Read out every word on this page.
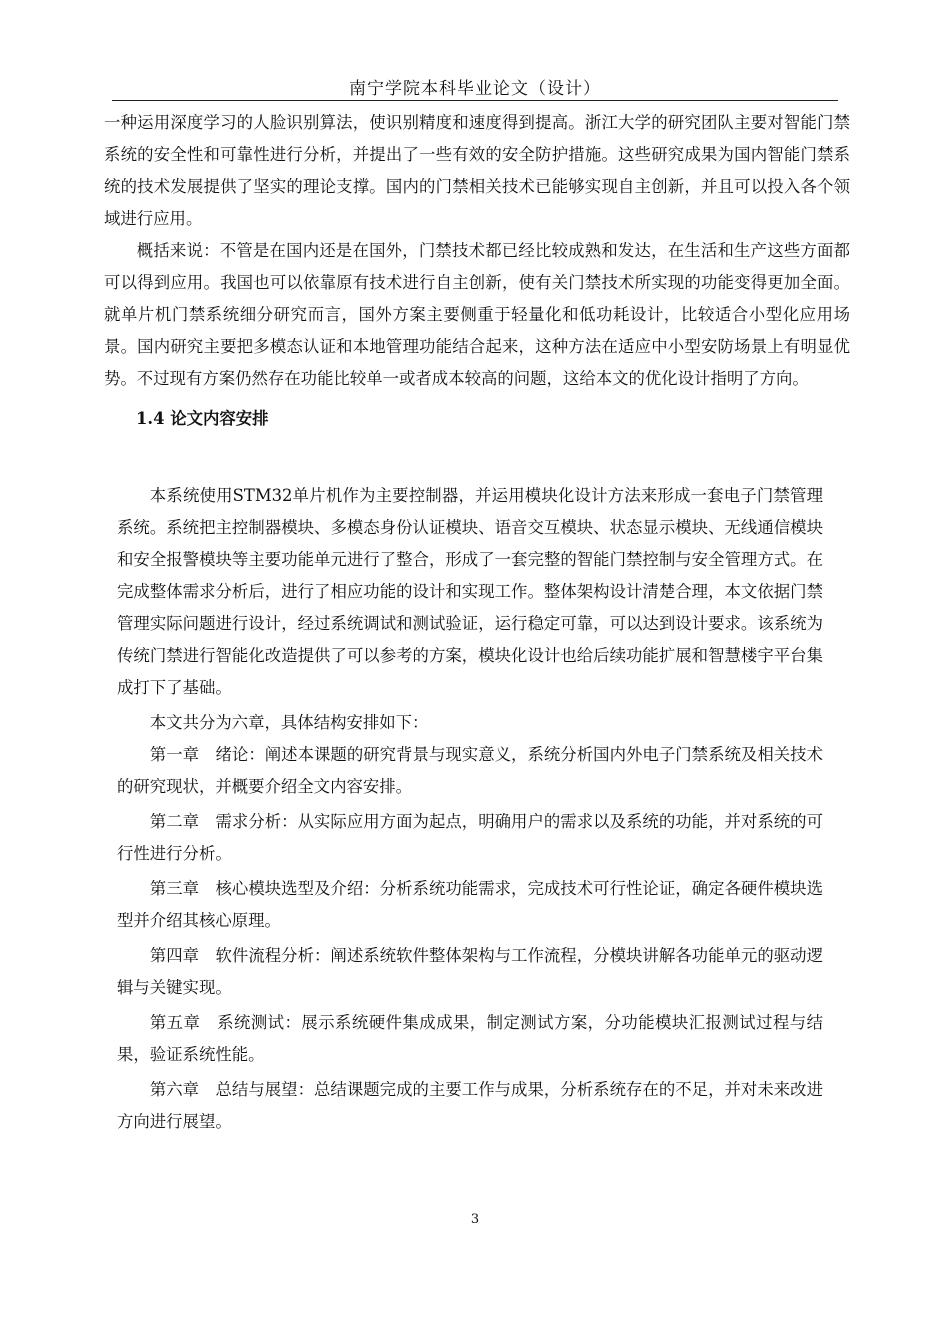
南宁学院本科毕业论文（设计）

一种运用深度学习的人脸识别算法，使识别精度和速度得到提高。浙江大学的研究团队主要对智能门禁系统的安全性和可靠性进行分析，并提出了一些有效的安全防护措施。这些研究成果为国内智能门禁系统的技术发展提供了坚实的理论支撑。国内的门禁相关技术已能够实现自主创新，并且可以投入各个领域进行应用。

概括来说：不管是在国内还是在国外，门禁技术都已经比较成熟和发达，在生活和生产这些方面都可以得到应用。我国也可以依靠原有技术进行自主创新，使有关门禁技术所实现的功能变得更加全面。就单片机门禁系统细分研究而言，国外方案主要侧重于轻量化和低功耗设计，比较适合小型化应用场景。国内研究主要把多模态认证和本地管理功能结合起来，这种方法在适应中小型安防场景上有明显优势。不过现有方案仍然存在功能比较单一或者成本较高的问题，这给本文的优化设计指明了方向。

1.4 论文内容安排

本系统使用STM32单片机作为主要控制器，并运用模块化设计方法来形成一套电子门禁管理系统。系统把主控制器模块、多模态身份认证模块、语音交互模块、状态显示模块、无线通信模块和安全报警模块等主要功能单元进行了整合，形成了一套完整的智能门禁控制与安全管理方式。在完成整体需求分析后，进行了相应功能的设计和实现工作。整体架构设计清楚合理，本文依据门禁管理实际问题进行设计，经过系统调试和测试验证，运行稳定可靠，可以达到设计要求。该系统为传统门禁进行智能化改造提供了可以参考的方案，模块化设计也给后续功能扩展和智慧楼宇平台集成打下了基础。

本文共分为六章，具体结构安排如下：

第一章　绪论：阐述本课题的研究背景与现实意义，系统分析国内外电子门禁系统及相关技术的研究现状，并概要介绍全文内容安排。

第二章　需求分析：从实际应用方面为起点，明确用户的需求以及系统的功能，并对系统的可行性进行分析。

第三章　核心模块选型及介绍：分析系统功能需求，完成技术可行性论证，确定各硬件模块选型并介绍其核心原理。

第四章　软件流程分析：阐述系统软件整体架构与工作流程，分模块讲解各功能单元的驱动逻辑与关键实现。

第五章　系统测试：展示系统硬件集成成果，制定测试方案，分功能模块汇报测试过程与结果，验证系统性能。

第六章　总结与展望：总结课题完成的主要工作与成果，分析系统存在的不足，并对未来改进方向进行展望。

3
